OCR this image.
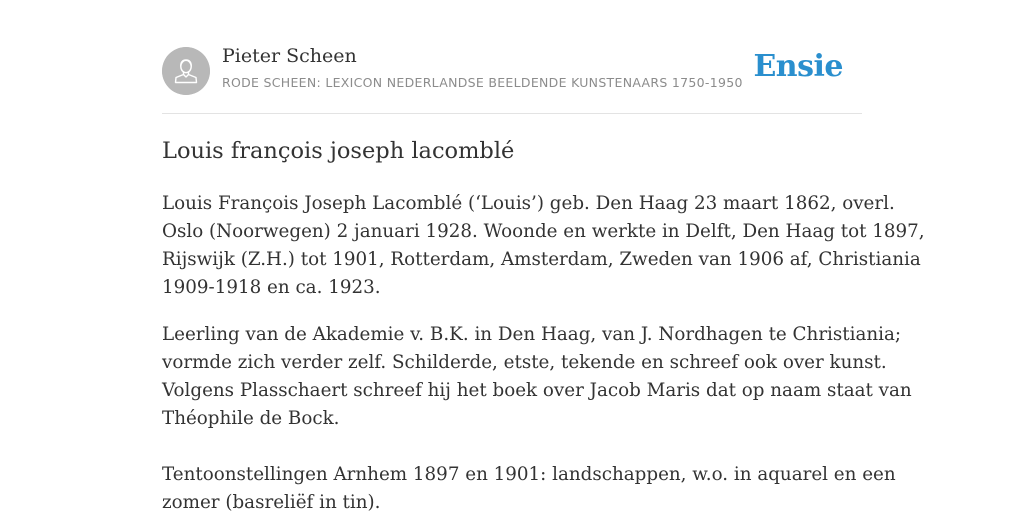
Pieter Scheen
RODE SCHEEN: LEXICON NEDERLANDSE BEELDENDE KUNSTENAARS 1750-1950 Ensie
Louis françois joseph lacomblé

Louis François Joseph Lacomblé (‘Louis’) geb. Den Haag 23 maart 1862, overl.
Oslo (Noorwegen) 2 januari 1928. Woonde en werkte in Delft, Den Haag tot 1897,
Rijswijk (Z.H.) tot 1901, Rotterdam, Amsterdam, Zweden van 1906 af, Christiania
1909-1918 en ca. 1923.

Leerling van de Akademie v. B.K. in Den Haag, van J. Nordhagen te Christiania;
vormde zich verder zelf. Schilderde, etste, tekende en schreef ook over kunst.
Volgens Plasschaert schreef hij het boek over Jacob Maris dat op naam staat van
Théophile de Bock.

Tentoonstellingen Arnhem 1897 en 1901: landschappen, w.o. in aquarel en een
zomer (basreliëf in tin).
